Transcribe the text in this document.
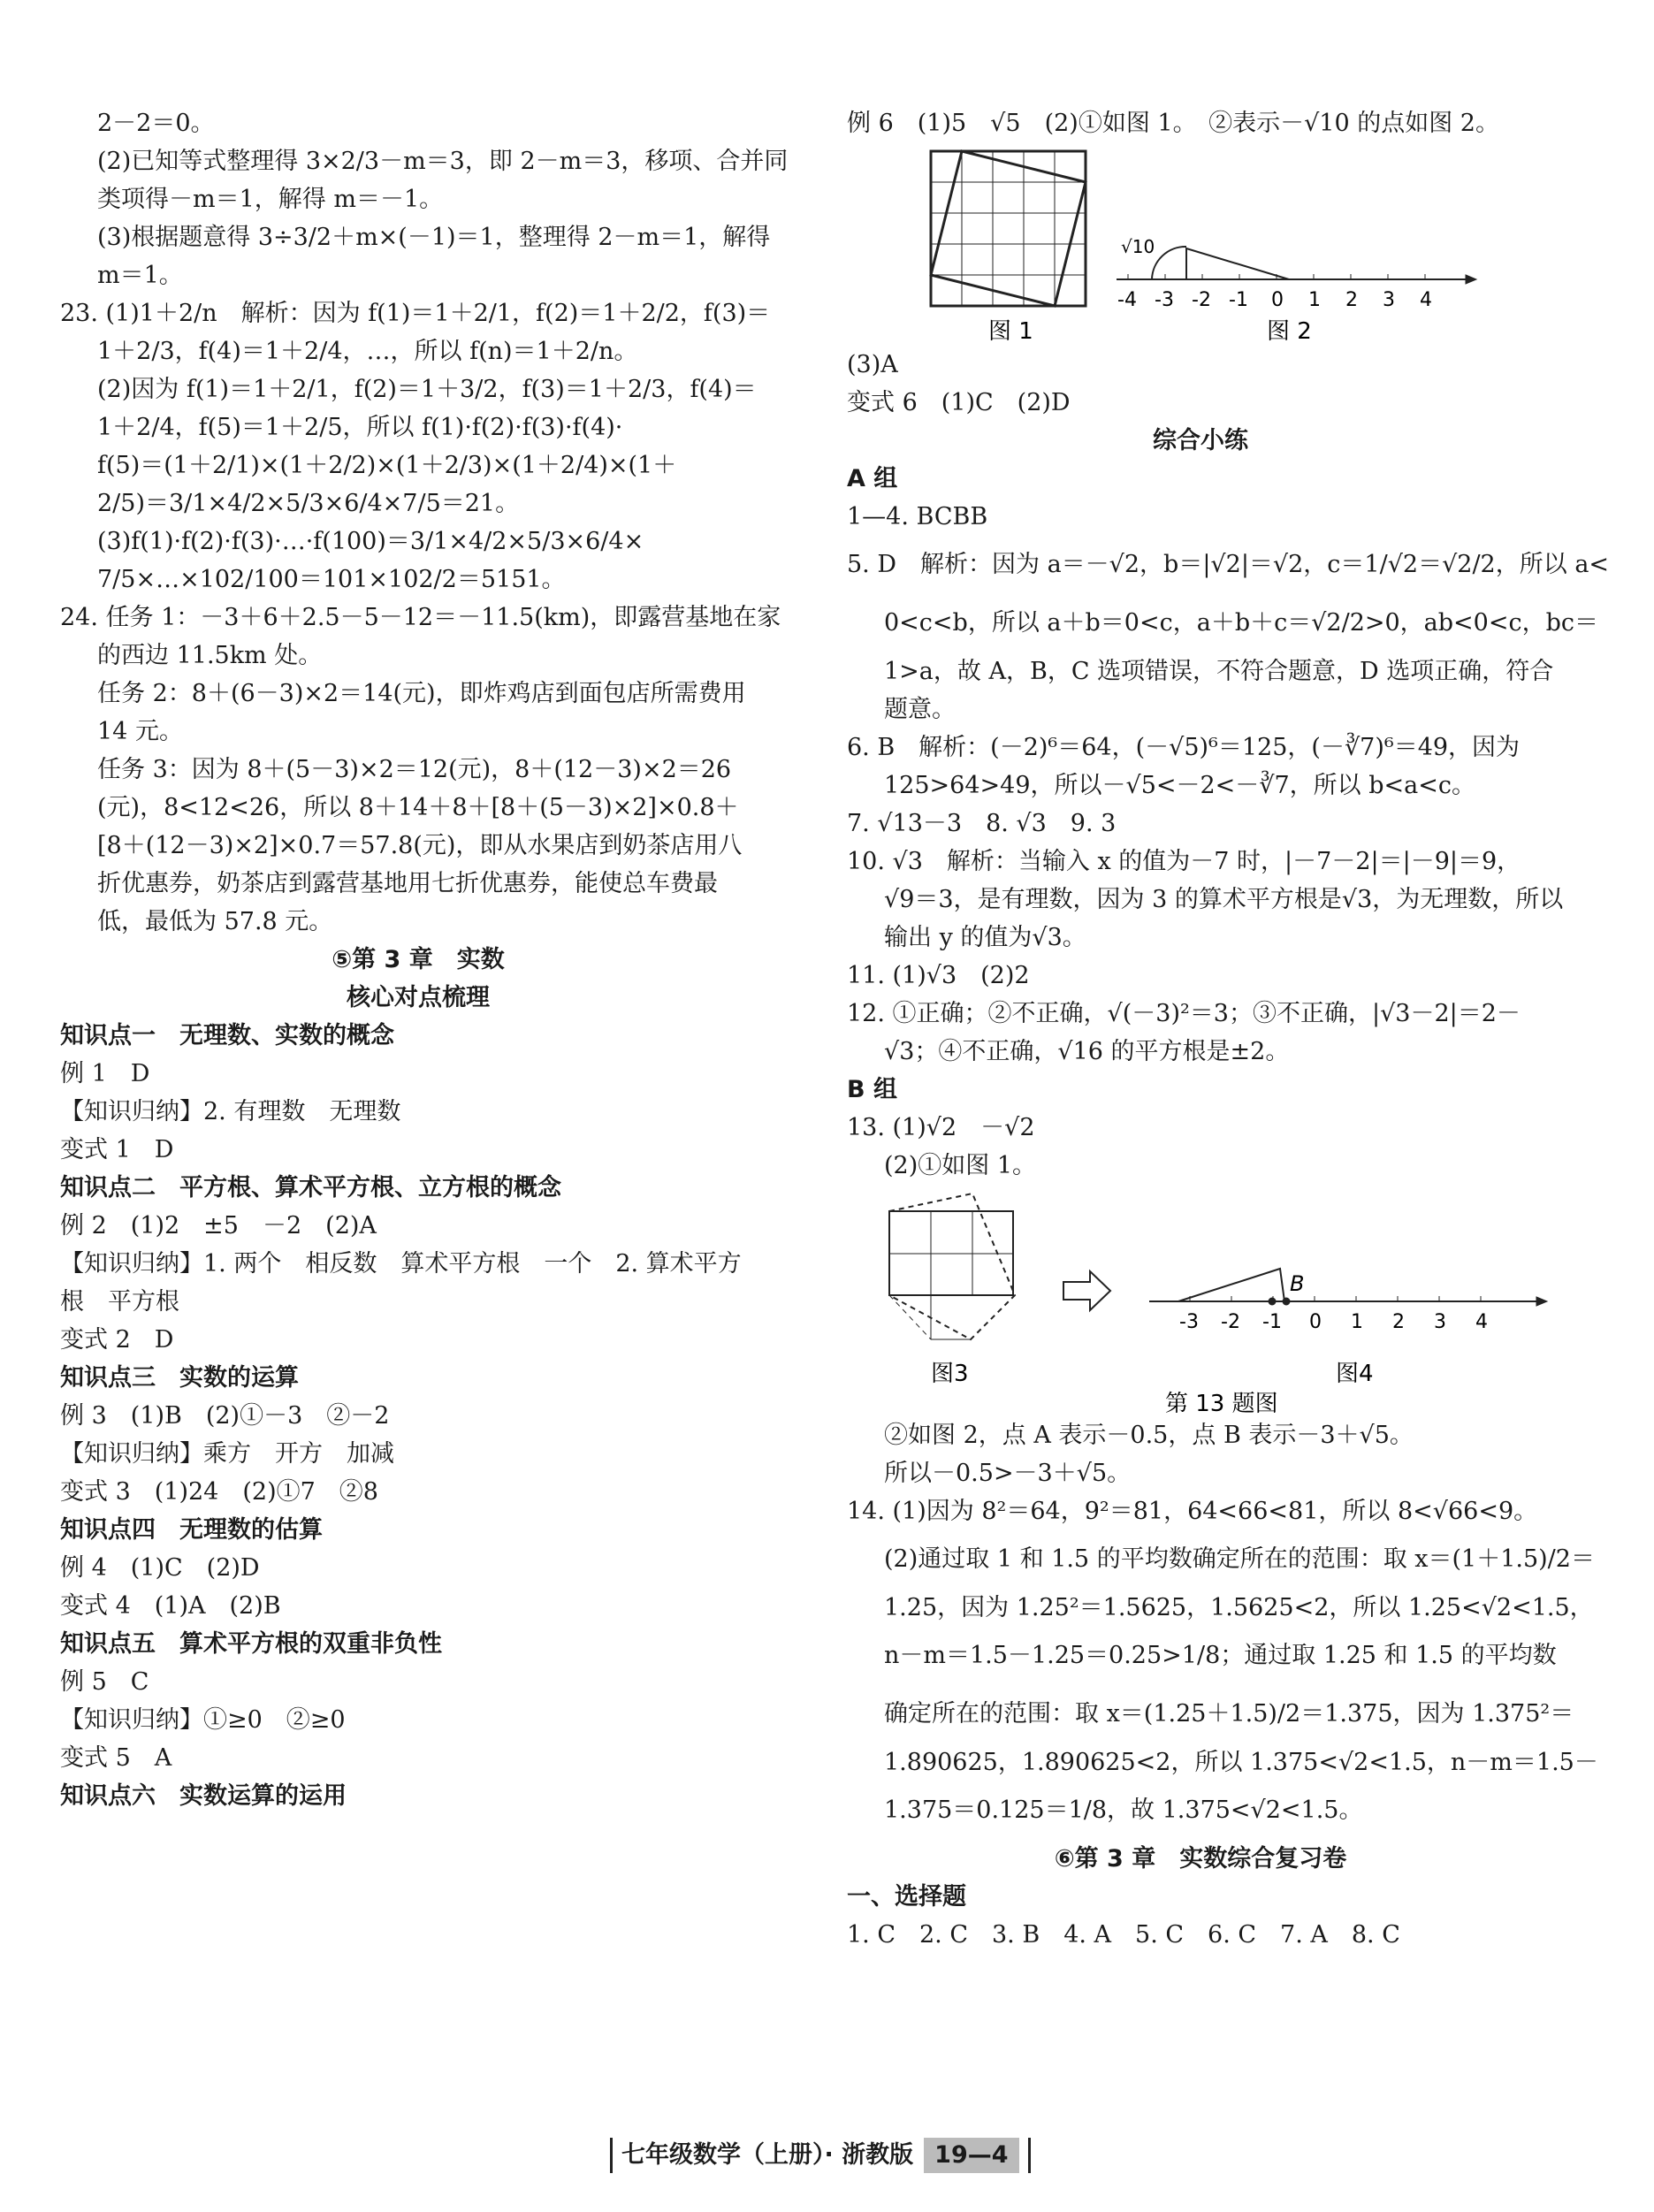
2－2＝0。
(2)已知等式整理得 3×2/3－m＝3，即 2－m＝3，移项、合并同
类项得－m＝1，解得 m＝－1。
(3)根据题意得 3÷3/2＋m×(－1)＝1，整理得 2－m＝1，解得
m＝1。
23. (1)1＋2/n　解析：因为 f(1)＝1＋2/1，f(2)＝1＋2/2，f(3)＝
1＋2/3，f(4)＝1＋2/4，…，所以 f(n)＝1＋2/n。
(2)因为 f(1)＝1＋2/1，f(2)＝1＋3/2，f(3)＝1＋2/3，f(4)＝
1＋2/4，f(5)＝1＋2/5，所以 f(1)·f(2)·f(3)·f(4)·
f(5)＝(1＋2/1)×(1＋2/2)×(1＋2/3)×(1＋2/4)×(1＋
2/5)＝3/1×4/2×5/3×6/4×7/5＝21。
(3)f(1)·f(2)·f(3)·…·f(100)＝3/1×4/2×5/3×6/4×
7/5×…×102/100＝101×102/2＝5151。
24. 任务 1：－3＋6＋2.5－5－12＝－11.5(km)，即露营基地在家
的西边 11.5km 处。
任务 2：8＋(6－3)×2＝14(元)，即炸鸡店到面包店所需费用
14 元。
任务 3：因为 8＋(5－3)×2＝12(元)，8＋(12－3)×2＝26
(元)，8<12<26，所以 8＋14＋8＋[8＋(5－3)×2]×0.8＋
[8＋(12－3)×2]×0.7＝57.8(元)，即从水果店到奶茶店用八
折优惠券，奶茶店到露营基地用七折优惠券，能使总车费最
低，最低为 57.8 元。
⑤第 3 章　实数
核心对点梳理
知识点一　无理数、实数的概念
例 1　D
【知识归纳】2. 有理数　无理数
变式 1　D
知识点二　平方根、算术平方根、立方根的概念
例 2　(1)2　±5　－2　(2)A
【知识归纳】1. 两个　相反数　算术平方根　一个　2. 算术平方
根　平方根
变式 2　D
知识点三　实数的运算
例 3　(1)B　(2)①－3　②－2
【知识归纳】乘方　开方　加减
变式 3　(1)24　(2)①7　②8
知识点四　无理数的估算
例 4　(1)C　(2)D
变式 4　(1)A　(2)B
知识点五　算术平方根的双重非负性
例 5　C
【知识归纳】①≥0　②≥0
变式 5　A
知识点六　实数运算的运用
例 6　(1)5　√5　(2)①如图 1。　②表示－√10 的点如图 2。
图 1
√10
-4 -3 -2 -1 0 1 2 3 4
图 2
(3)A
变式 6　(1)C　(2)D
综合小练
A 组
1—4. BCBB
5. D　解析：因为 a＝－√2，b＝|√2|＝√2，c＝1/√2＝√2/2，所以 a<
0<c<b，所以 a＋b＝0<c，a＋b＋c＝√2/2>0，ab<0<c，bc＝
1>a，故 A，B，C 选项错误，不符合题意，D 选项正确，符合
题意。
6. B　解析：(－2)⁶＝64，(－√5)⁶＝125，(－∛7)⁶＝49，因为
125>64>49，所以－√5<－2<－∛7，所以 b<a<c。
7. √13－3　8. √3　9. 3
10. √3　解析：当输入 x 的值为－7 时，|－7－2|＝|－9|＝9，
√9＝3，是有理数，因为 3 的算术平方根是√3，为无理数，所以
输出 y 的值为√3。
11. (1)√3　(2)2
12. ①正确；②不正确，√(－3)²＝3；③不正确，|√3－2|＝2－
√3；④不正确，√16 的平方根是±2。
B 组
13. (1)√2　－√2
(2)①如图 1。
图3
B
-3 -2 -1 0 1 2 3 4
图4
第 13 题图
②如图 2，点 A 表示－0.5，点 B 表示－3＋√5。
所以－0.5>－3＋√5。
14. (1)因为 8²＝64，9²＝81，64<66<81，所以 8<√66<9。
(2)通过取 1 和 1.5 的平均数确定所在的范围：取 x＝(1＋1.5)/2＝
1.25，因为 1.25²＝1.5625，1.5625<2，所以 1.25<√2<1.5，
n－m＝1.5－1.25＝0.25>1/8；通过取 1.25 和 1.5 的平均数
确定所在的范围：取 x＝(1.25＋1.5)/2＝1.375，因为 1.375²＝
1.890625，1.890625<2，所以 1.375<√2<1.5，n－m＝1.5－
1.375＝0.125＝1/8，故 1.375<√2<1.5。
⑥第 3 章　实数综合复习卷
一、选择题
1. C　2. C　3. B　4. A　5. C　6. C　7. A　8. C
七年级数学（上册）· 浙教版 19—4
